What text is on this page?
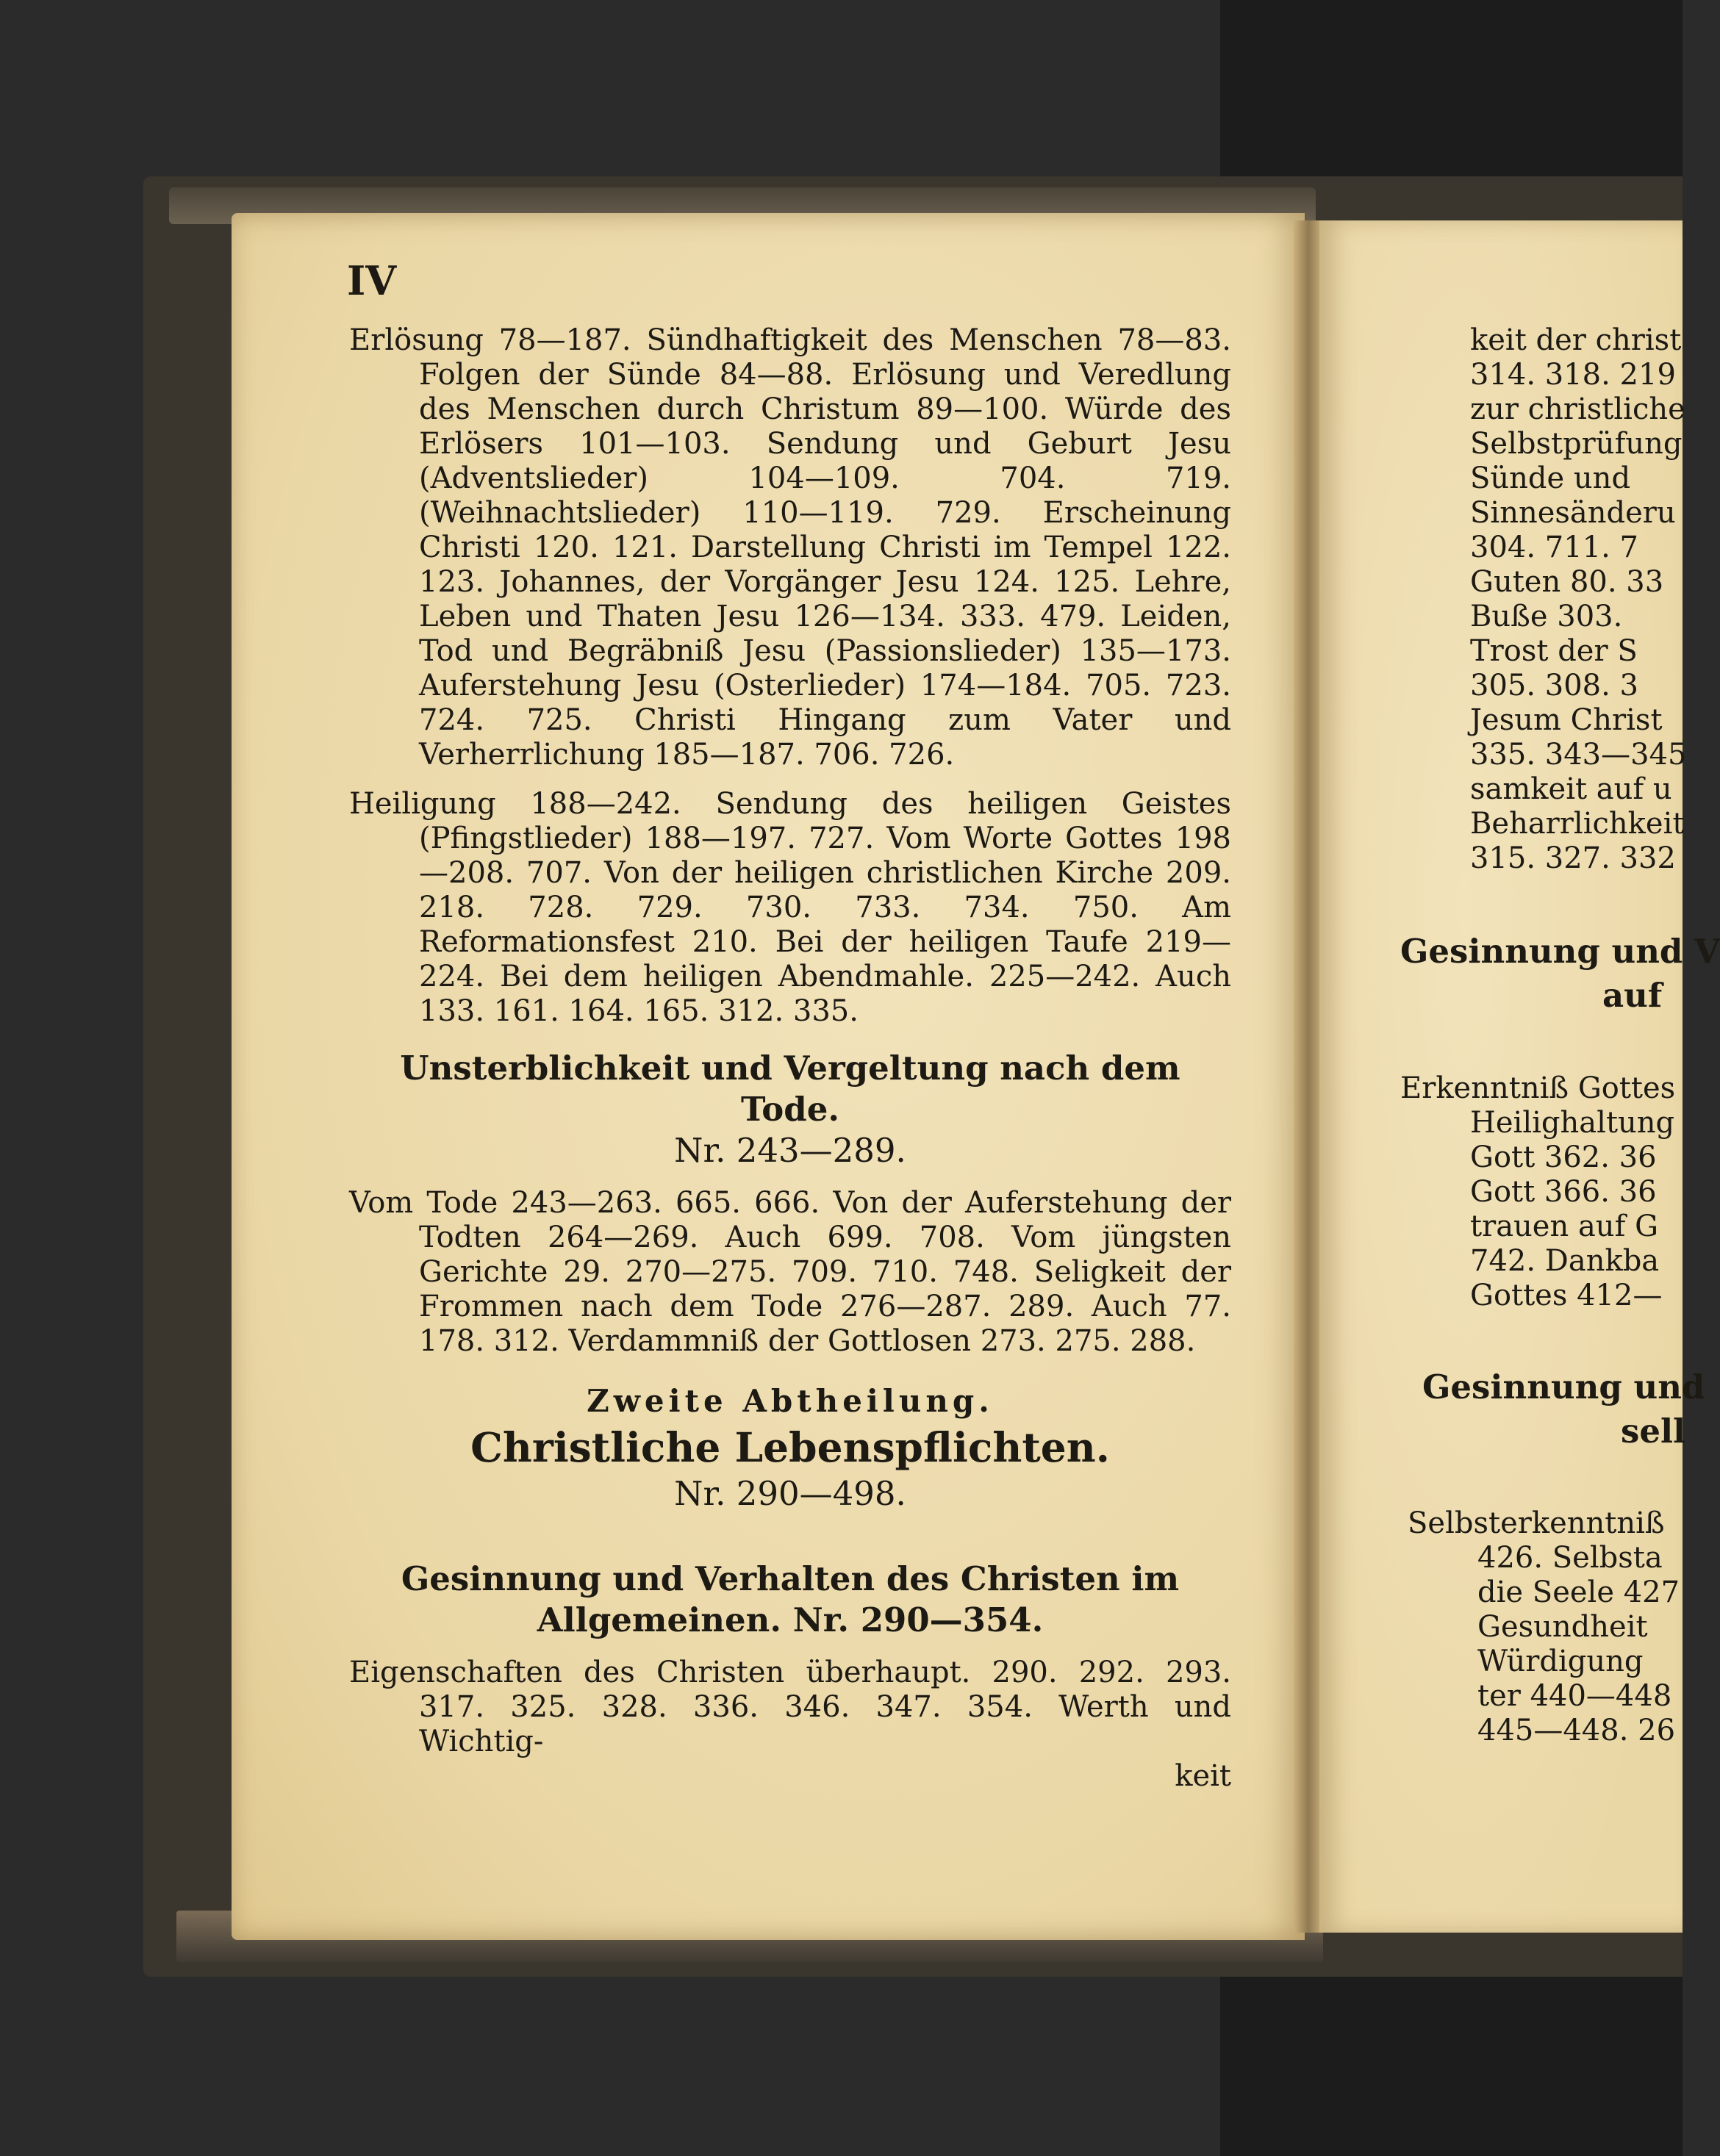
IV

Erlösung 78—187. Sündhaftigkeit des Menschen 78—83. Folgen der Sünde 84—88. Erlösung und Veredlung des Menschen durch Christum 89—100. Würde des Erlösers 101—103. Sendung und Geburt Jesu (Adventslieder) 104—109. 704. 719. (Weihnachtslieder) 110—119. 729. Erscheinung Christi 120. 121. Darstellung Christi im Tempel 122. 123. Johannes, der Vorgänger Jesu 124. 125. Lehre, Leben und Thaten Jesu 126—134. 333. 479. Leiden, Tod und Begräbniß Jesu (Passionslieder) 135—173. Auferstehung Jesu (Osterlieder) 174—184. 705. 723. 724. 725. Christi Hingang zum Vater und Verherrlichung 185—187. 706. 726.

Heiligung 188—242. Sendung des heiligen Geistes (Pfingstlieder) 188—197. 727. Vom Worte Gottes 198—208. 707. Von der heiligen christlichen Kirche 209. 218. 728. 729. 730. 733. 734. 750. Am Reformationsfest 210. Bei der heiligen Taufe 219—224. Bei dem heiligen Abendmahle. 225—242. Auch 133. 161. 164. 165. 312. 335.

Unsterblichkeit und Vergeltung nach dem Tode.

Nr. 243—289.

Vom Tode 243—263. 665. 666. Von der Auferstehung der Todten 264—269. Auch 699. 708. Vom jüngsten Gerichte 29. 270—275. 709. 710. 748. Seligkeit der Frommen nach dem Tode 276—287. 289. Auch 77. 178. 312. Verdammniß der Gottlosen 273. 275. 288.

Zweite Abtheilung.

Christliche Lebenspflichten.

Nr. 290—498.

Gesinnung und Verhalten des Christen im Allgemeinen. Nr. 290—354.

Eigenschaften des Christen überhaupt. 290. 292. 293. 317. 325. 328. 336. 346. 347. 354. Werth und Wichtig-

keit

keit der christ

314. 318. 219

zur christliche

Selbstprüfung

Sünde und

Sinnesänderu

304. 711. 7

Guten 80. 33

Buße 303.

Trost der S

305. 308. 3

Jesum Christ

335. 343—345

samkeit auf u

Beharrlichkeit

315. 327. 332

Gesinnung und V

auf

Erkenntniß Gottes

Heilighaltung

Gott 362. 36

Gott 366. 36

trauen auf G

742. Dankba

Gottes 412—

Gesinnung und

sell

Selbsterkenntniß

426. Selbsta

die Seele 427

Gesundheit

Würdigung

ter 440—448

445—448. 26
